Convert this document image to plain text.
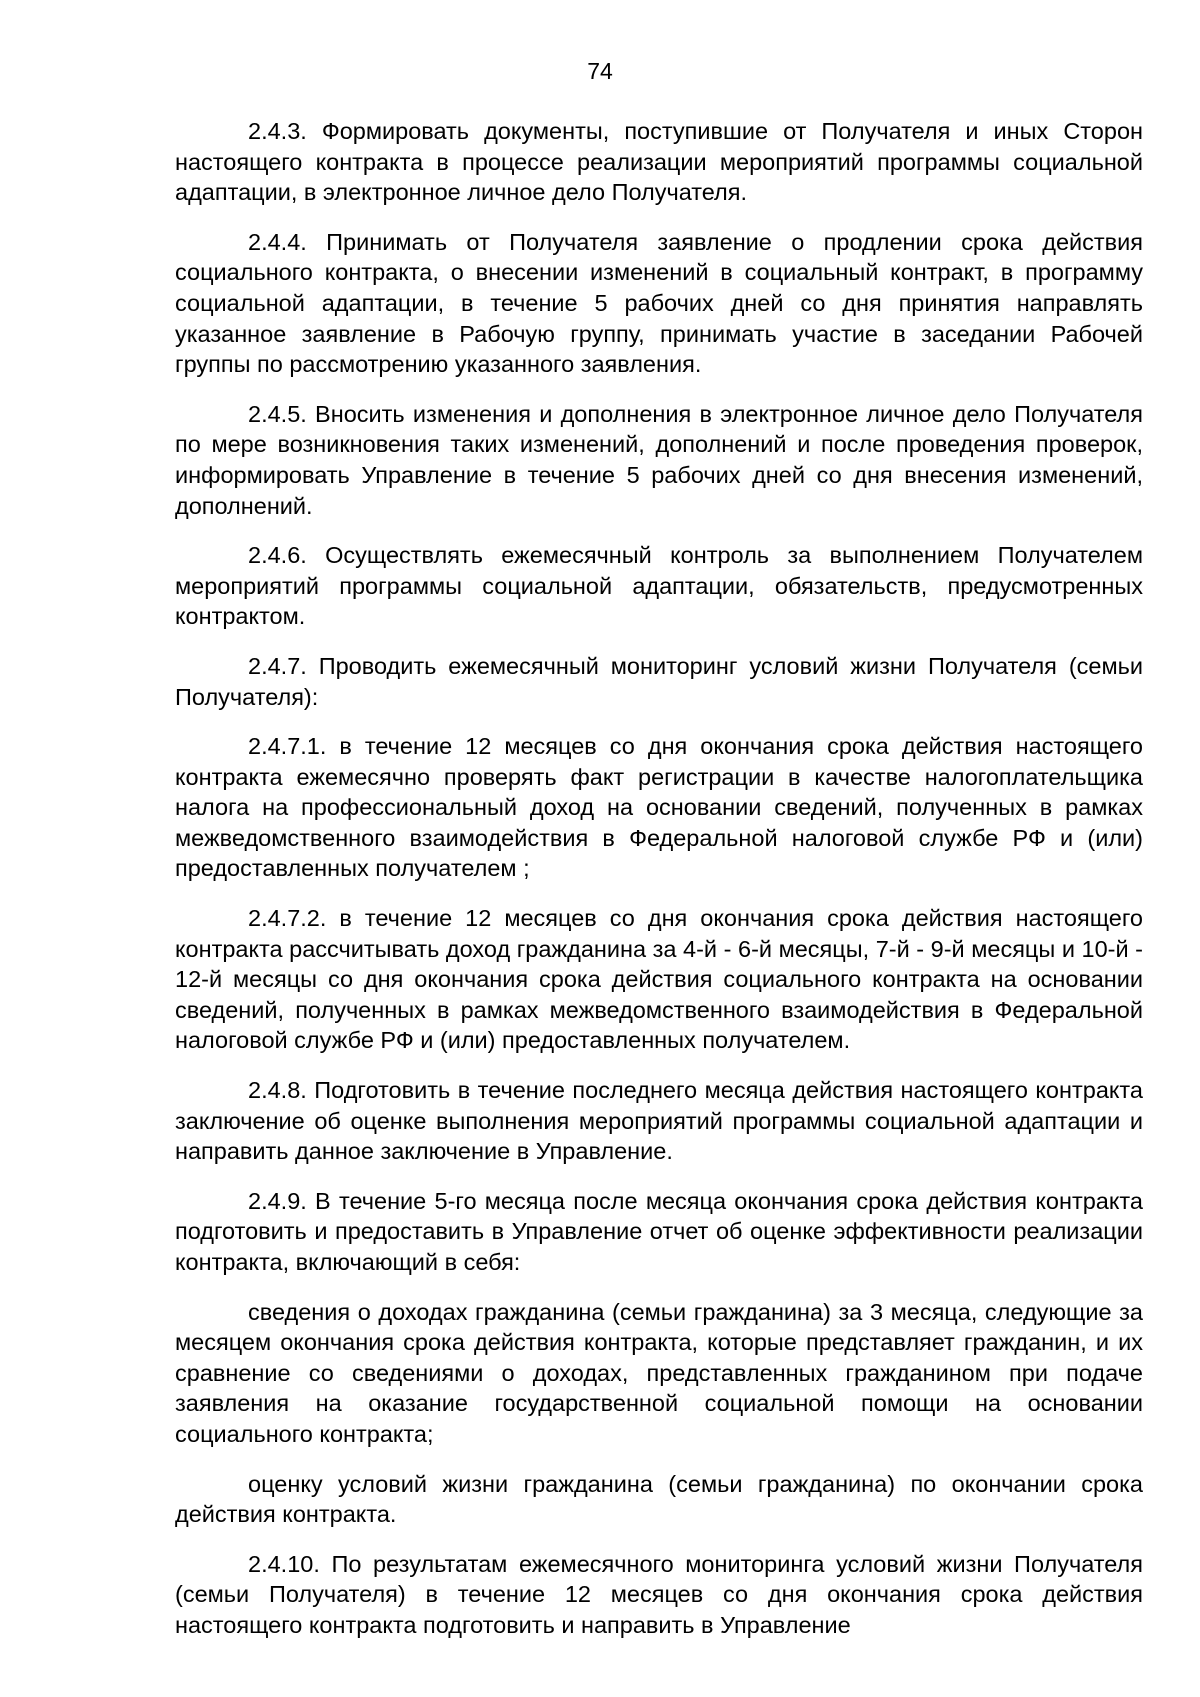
74

2.4.3. Формировать документы, поступившие от Получателя и иных Сторон настоящего контракта в процессе реализации мероприятий программы социальной адаптации, в электронное личное дело Получателя.

2.4.4. Принимать от Получателя заявление о продлении срока действия социального контракта, о внесении изменений в социальный контракт, в программу социальной адаптации, в течение 5 рабочих дней со дня принятия направлять указанное заявление в Рабочую группу, принимать участие в заседании Рабочей группы по рассмотрению указанного заявления.

2.4.5. Вносить изменения и дополнения в электронное личное дело Получателя по мере возникновения таких изменений, дополнений и после проведения проверок, информировать Управление в течение 5 рабочих дней со дня внесения изменений, дополнений.

2.4.6. Осуществлять ежемесячный контроль за выполнением Получателем мероприятий программы социальной адаптации, обязательств, предусмотренных контрактом.

2.4.7. Проводить ежемесячный мониторинг условий жизни Получателя (семьи Получателя):

2.4.7.1. в течение 12 месяцев со дня окончания срока действия настоящего контракта ежемесячно проверять факт регистрации в качестве налогоплательщика налога на профессиональный доход на основании сведений, полученных в рамках межведомственного взаимодействия в Федеральной налоговой службе РФ и (или) предоставленных получателем ;

2.4.7.2. в течение 12 месяцев со дня окончания срока действия настоящего контракта рассчитывать доход гражданина за 4-й - 6-й месяцы, 7-й - 9-й месяцы и 10-й - 12-й месяцы со дня окончания срока действия социального контракта на основании сведений, полученных в рамках межведомственного взаимодействия в Федеральной налоговой службе РФ и (или) предоставленных получателем.

2.4.8. Подготовить в течение последнего месяца действия настоящего контракта заключение об оценке выполнения мероприятий программы социальной адаптации и направить данное заключение в Управление.

2.4.9. В течение 5-го месяца после месяца окончания срока действия контракта подготовить и предоставить в Управление отчет об оценке эффективности реализации контракта, включающий в себя:

сведения о доходах гражданина (семьи гражданина) за 3 месяца, следующие за месяцем окончания срока действия контракта, которые представляет гражданин, и их сравнение со сведениями о доходах, представленных гражданином при подаче заявления на оказание государственной социальной помощи на основании социального контракта;

оценку условий жизни гражданина (семьи гражданина) по окончании срока действия контракта.

2.4.10. По результатам ежемесячного мониторинга условий жизни Получателя (семьи Получателя) в течение 12 месяцев со дня окончания срока действия настоящего контракта подготовить и направить в Управление
